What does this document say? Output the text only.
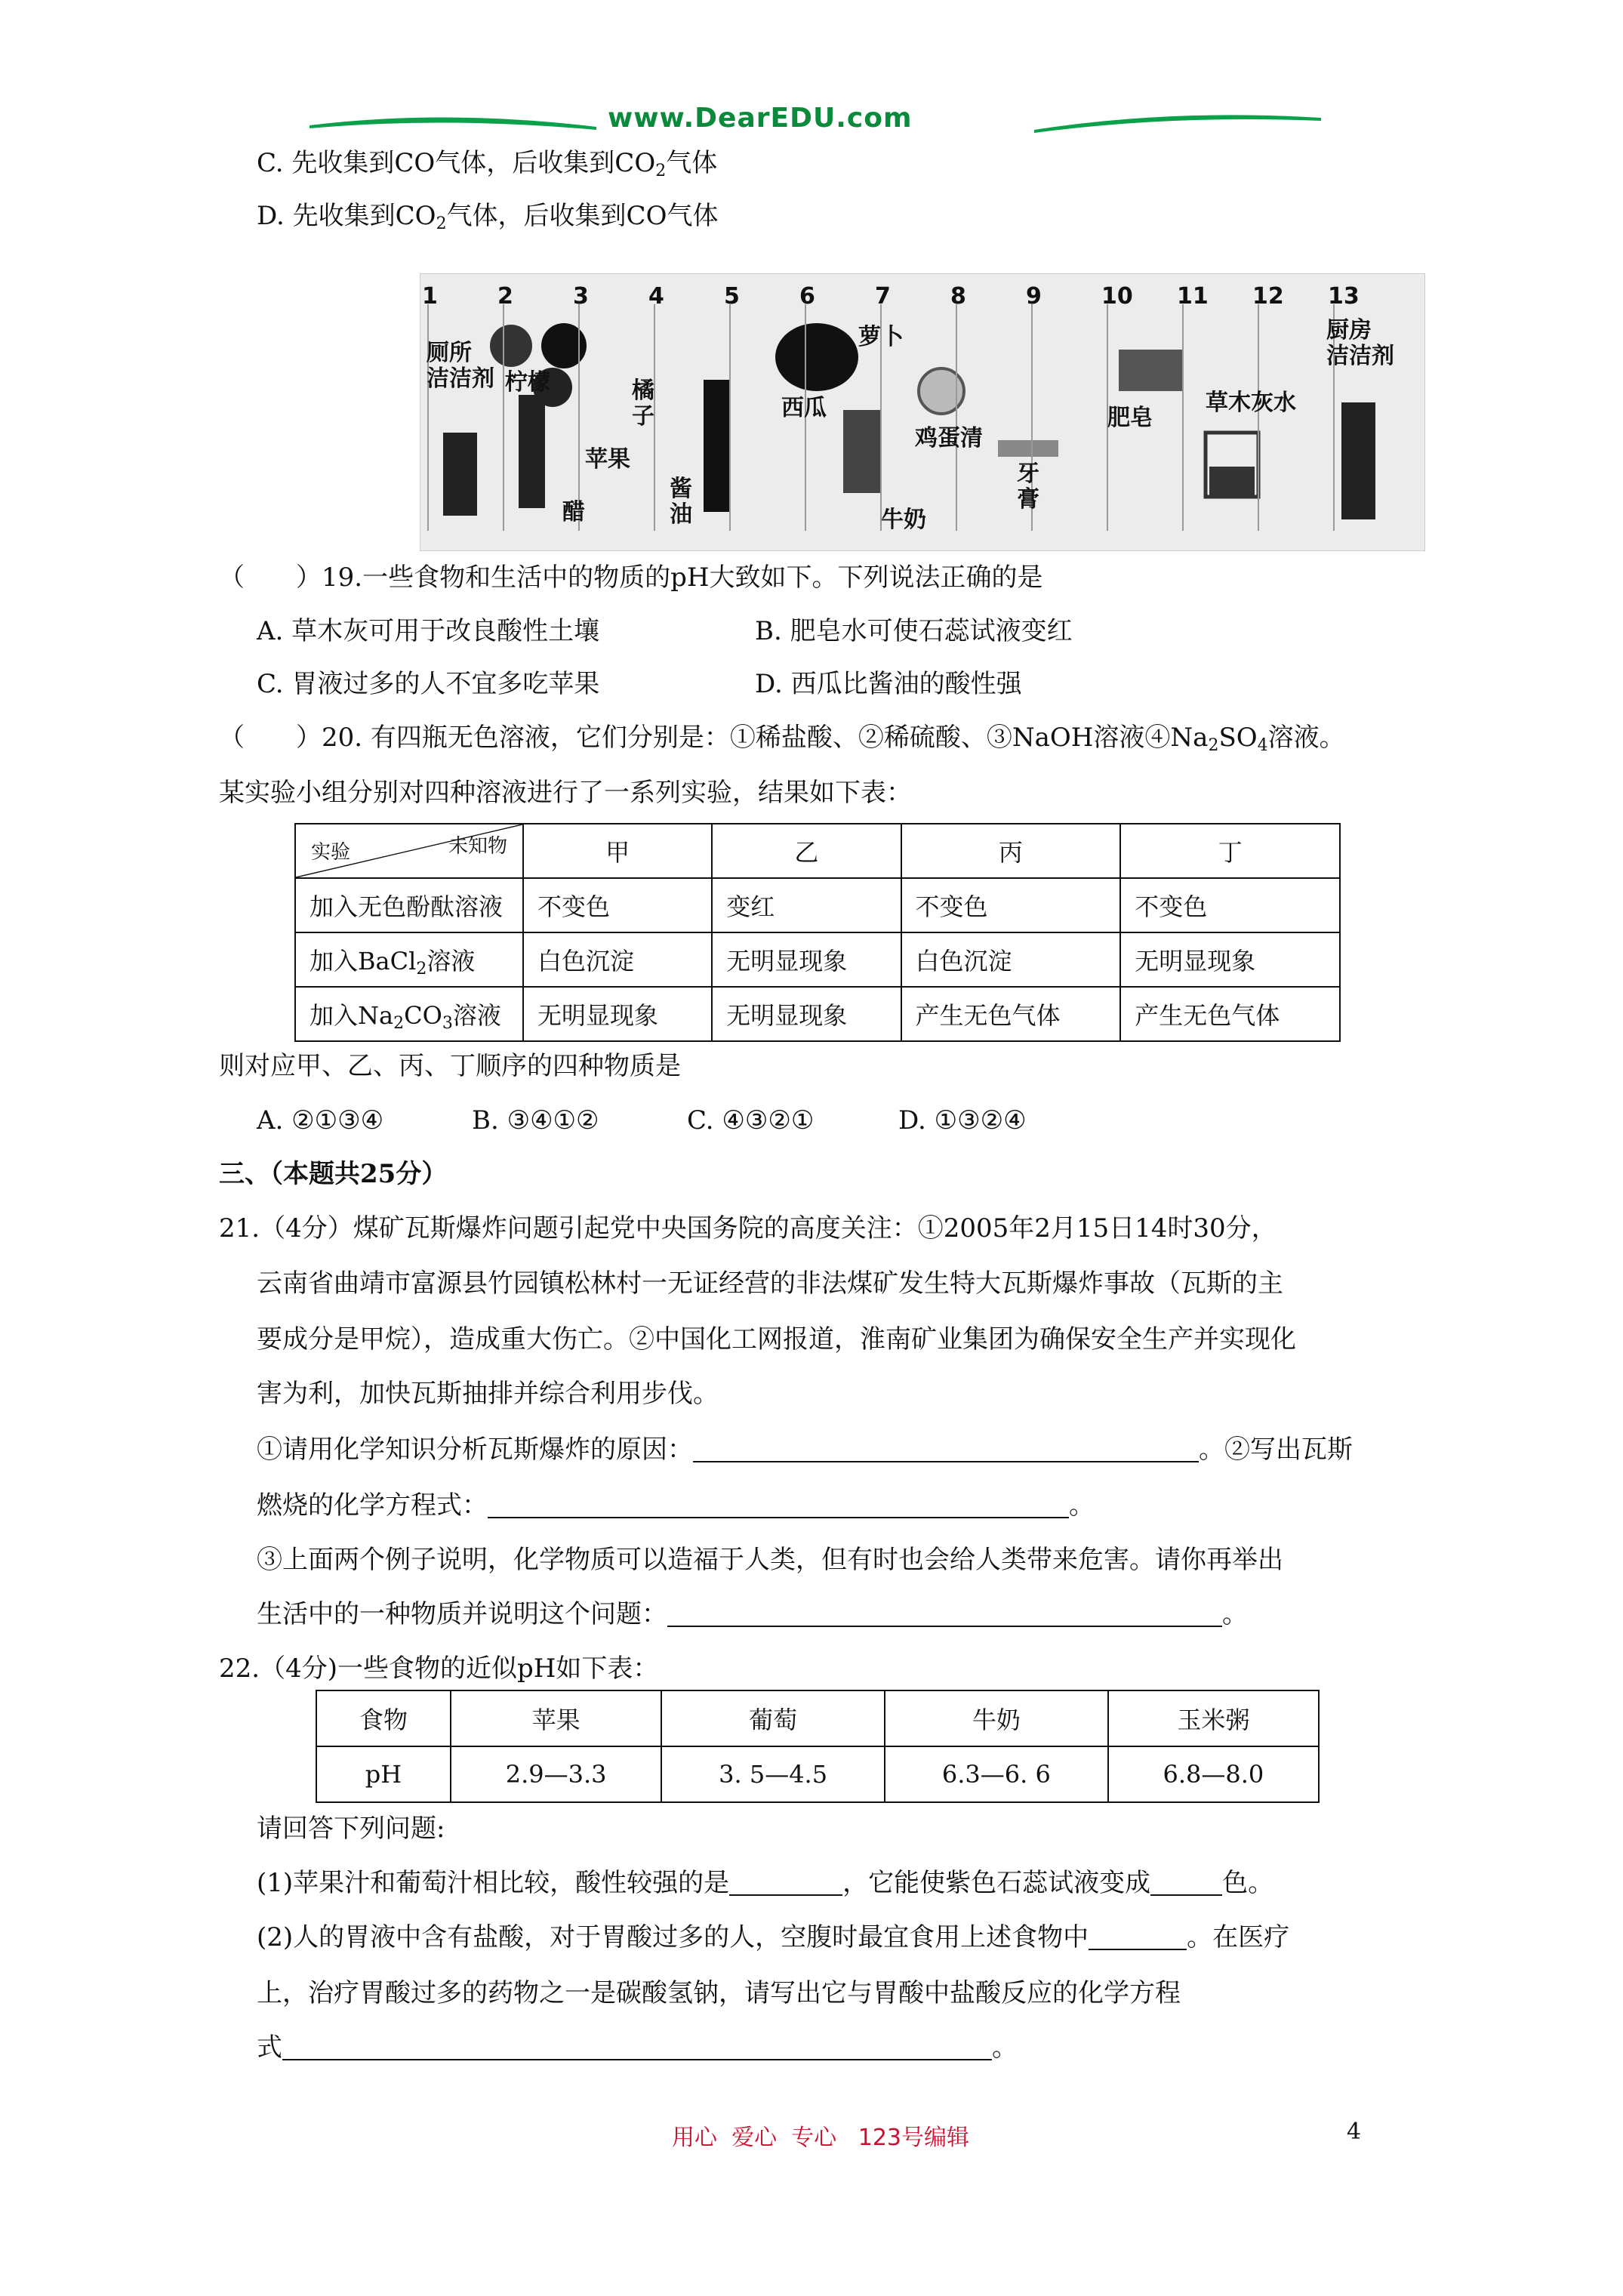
www.DearEDU.com
C. 先收集到CO气体，后收集到$CO_2$气体
D. 先收集到$CO_2$气体，后收集到CO气体
1	2	3	4	5	6	7	8	9	10 11 12 13
厕所
洁洁剂 柠檬	橘
子
苹果
醋
酱
油
西瓜
萝卜
鸡蛋清
牛奶
牙
膏
肥皂
草木灰水
厨房
洁洁剂
（　　）19.一些食物和生活中的物质的pH大致如下。下列说法正确的是
A. 草木灰可用于改良酸性土壤	B. 肥皂水可使石蕊试液变红
C. 胃液过多的人不宜多吃苹果	D. 西瓜比酱油的酸性强
（　　）20. 有四瓶无色溶液，它们分别是：①稀盐酸、②稀硫酸、③NaOH溶液$④Na_2SO_4$溶液。
某实验小组分别对四种溶液进行了一系列实验，结果如下表：
实验 未知物	甲	乙	丙	丁
加入无色酚酞溶液	不变色	变红	不变色	不变色
加入BaCl$_2$溶液	白色沉淀	无明显现象	白色沉淀	无明显现象
加入$Na_2CO_3$溶液	无明显现象	无明显现象	产生无色气体	产生无色气体
则对应甲、乙、丙、丁顺序的四种物质是
A. ②①③④	B. ③④①②	C. ④③②①	D. ①③②④
三、（本题共25分）
21.（4分）煤矿瓦斯爆炸问题引起党中央国务院的高度关注：①2005年2月15日14时30分，
云南省曲靖市富源县竹园镇松林村一无证经营的非法煤矿发生特大瓦斯爆炸事故（瓦斯的主
要成分是甲烷），造成重大伤亡。②中国化工网报道，淮南矿业集团为确保安全生产并实现化
害为利，加快瓦斯抽排并综合利用步伐。
①请用化学知识分析瓦斯爆炸的原因：	。②写出瓦斯
燃烧的化学方程式：	。
③上面两个例子说明，化学物质可以造福于人类，但有时也会给人类带来危害。请你再举出
生活中的一种物质并说明这个问题：	。
22.（4分)一些食物的近似pH如下表：
食物	苹果	葡萄	牛奶	玉米粥
pH	2.9—3.3	3. 5—4.5	6.3—6. 6	6.8—8.0
请回答下列问题:
(1)苹果汁和葡萄汁相比较，酸性较强的是	，它能使紫色石蕊试液变成	色。
(2)人的胃液中含有盐酸，对于胃酸过多的人，空腹时最宜食用上述食物中	。在医疗
上，治疗胃酸过多的药物之一是碳酸氢钠，请写出它与胃酸中盐酸反应的化学方程
式	。
用心  爱心  专心   123号编辑	4
